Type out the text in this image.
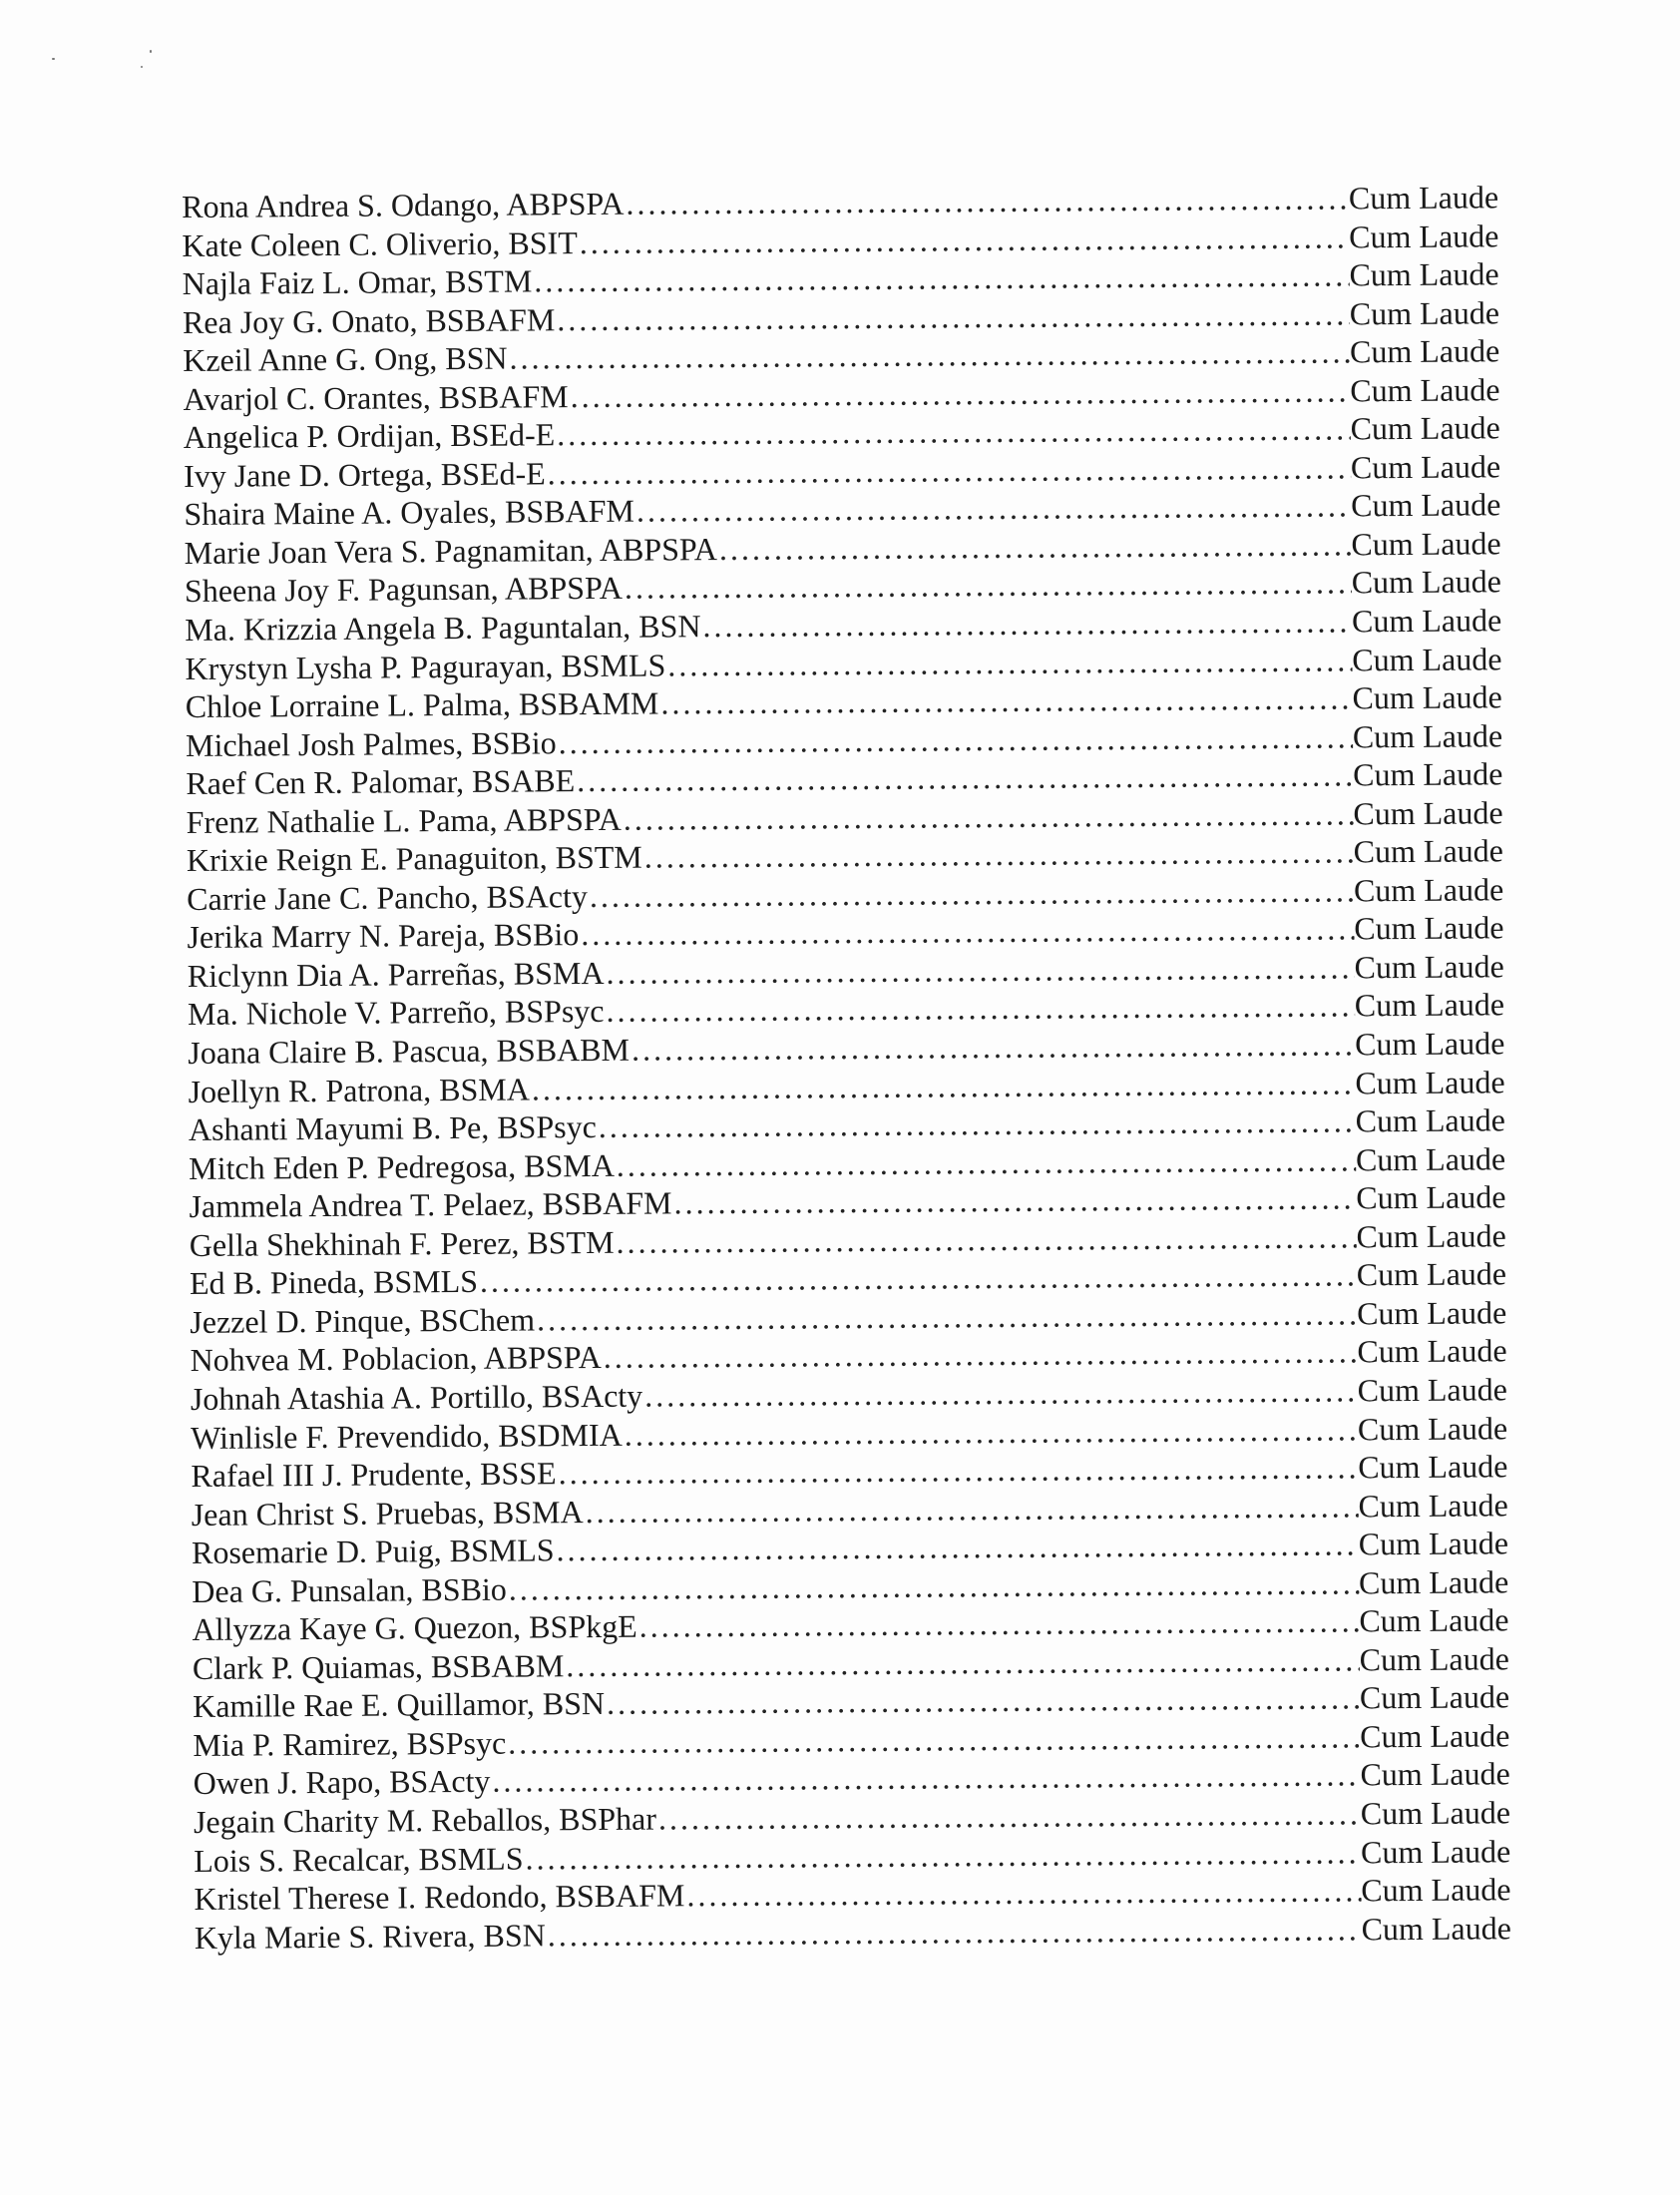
Rona Andrea S. Odango, ABPSPA .....	Cum Laude
Kate Coleen C. Oliverio, BSIT .....	Cum Laude
Najla Faiz L. Omar, BSTM .....	Cum Laude
Rea Joy G. Onato, BSBAFM .....	Cum Laude
Kzeil Anne G. Ong, BSN .....	Cum Laude
Avarjol C. Orantes, BSBAFM .....	Cum Laude
Angelica P. Ordijan, BSEd-E .....	Cum Laude
Ivy Jane D. Ortega, BSEd-E .....	Cum Laude
Shaira Maine A. Oyales, BSBAFM .....	Cum Laude
Marie Joan Vera S. Pagnamitan, ABPSPA .....	Cum Laude
Sheena Joy F. Pagunsan, ABPSPA .....	Cum Laude
Ma. Krizzia Angela B. Paguntalan, BSN .....	Cum Laude
Krystyn Lysha P. Pagurayan, BSMLS .....	Cum Laude
Chloe Lorraine L. Palma, BSBAMM .....	Cum Laude
Michael Josh Palmes, BSBio .....	Cum Laude
Raef Cen R. Palomar, BSABE .....	Cum Laude
Frenz Nathalie L. Pama, ABPSPA .....	Cum Laude
Krixie Reign E. Panaguiton, BSTM .....	Cum Laude
Carrie Jane C. Pancho, BSActy .....	Cum Laude
Jerika Marry N. Pareja, BSBio .....	Cum Laude
Riclynn Dia A. Parreñas, BSMA .....	Cum Laude
Ma. Nichole V. Parreño, BSPsyc .....	Cum Laude
Joana Claire B. Pascua, BSBABM .....	Cum Laude
Joellyn R. Patrona, BSMA .....	Cum Laude
Ashanti Mayumi B. Pe, BSPsyc .....	Cum Laude
Mitch Eden P. Pedregosa, BSMA .....	Cum Laude
Jammela Andrea T. Pelaez, BSBAFM .....	Cum Laude
Gella Shekhinah F. Perez, BSTM .....	Cum Laude
Ed B. Pineda, BSMLS .....	Cum Laude
Jezzel D. Pinque, BSChem .....	Cum Laude
Nohvea M. Poblacion, ABPSPA .....	Cum Laude
Johnah Atashia A. Portillo, BSActy .....	Cum Laude
Winlisle F. Prevendido, BSDMIA .....	Cum Laude
Rafael III J. Prudente, BSSE .....	Cum Laude
Jean Christ S. Pruebas, BSMA .....	Cum Laude
Rosemarie D. Puig, BSMLS .....	Cum Laude
Dea G. Punsalan, BSBio .....	Cum Laude
Allyzza Kaye G. Quezon, BSPkgE .....	Cum Laude
Clark P. Quiamas, BSBABM .....	Cum Laude
Kamille Rae E. Quillamor, BSN .....	Cum Laude
Mia P. Ramirez, BSPsyc .....	Cum Laude
Owen J. Rapo, BSActy .....	Cum Laude
Jegain Charity M. Reballos, BSPhar .....	Cum Laude
Lois S. Recalcar, BSMLS .....	Cum Laude
Kristel Therese I. Redondo, BSBAFM .....	Cum Laude
Kyla Marie S. Rivera, BSN .....	Cum Laude
